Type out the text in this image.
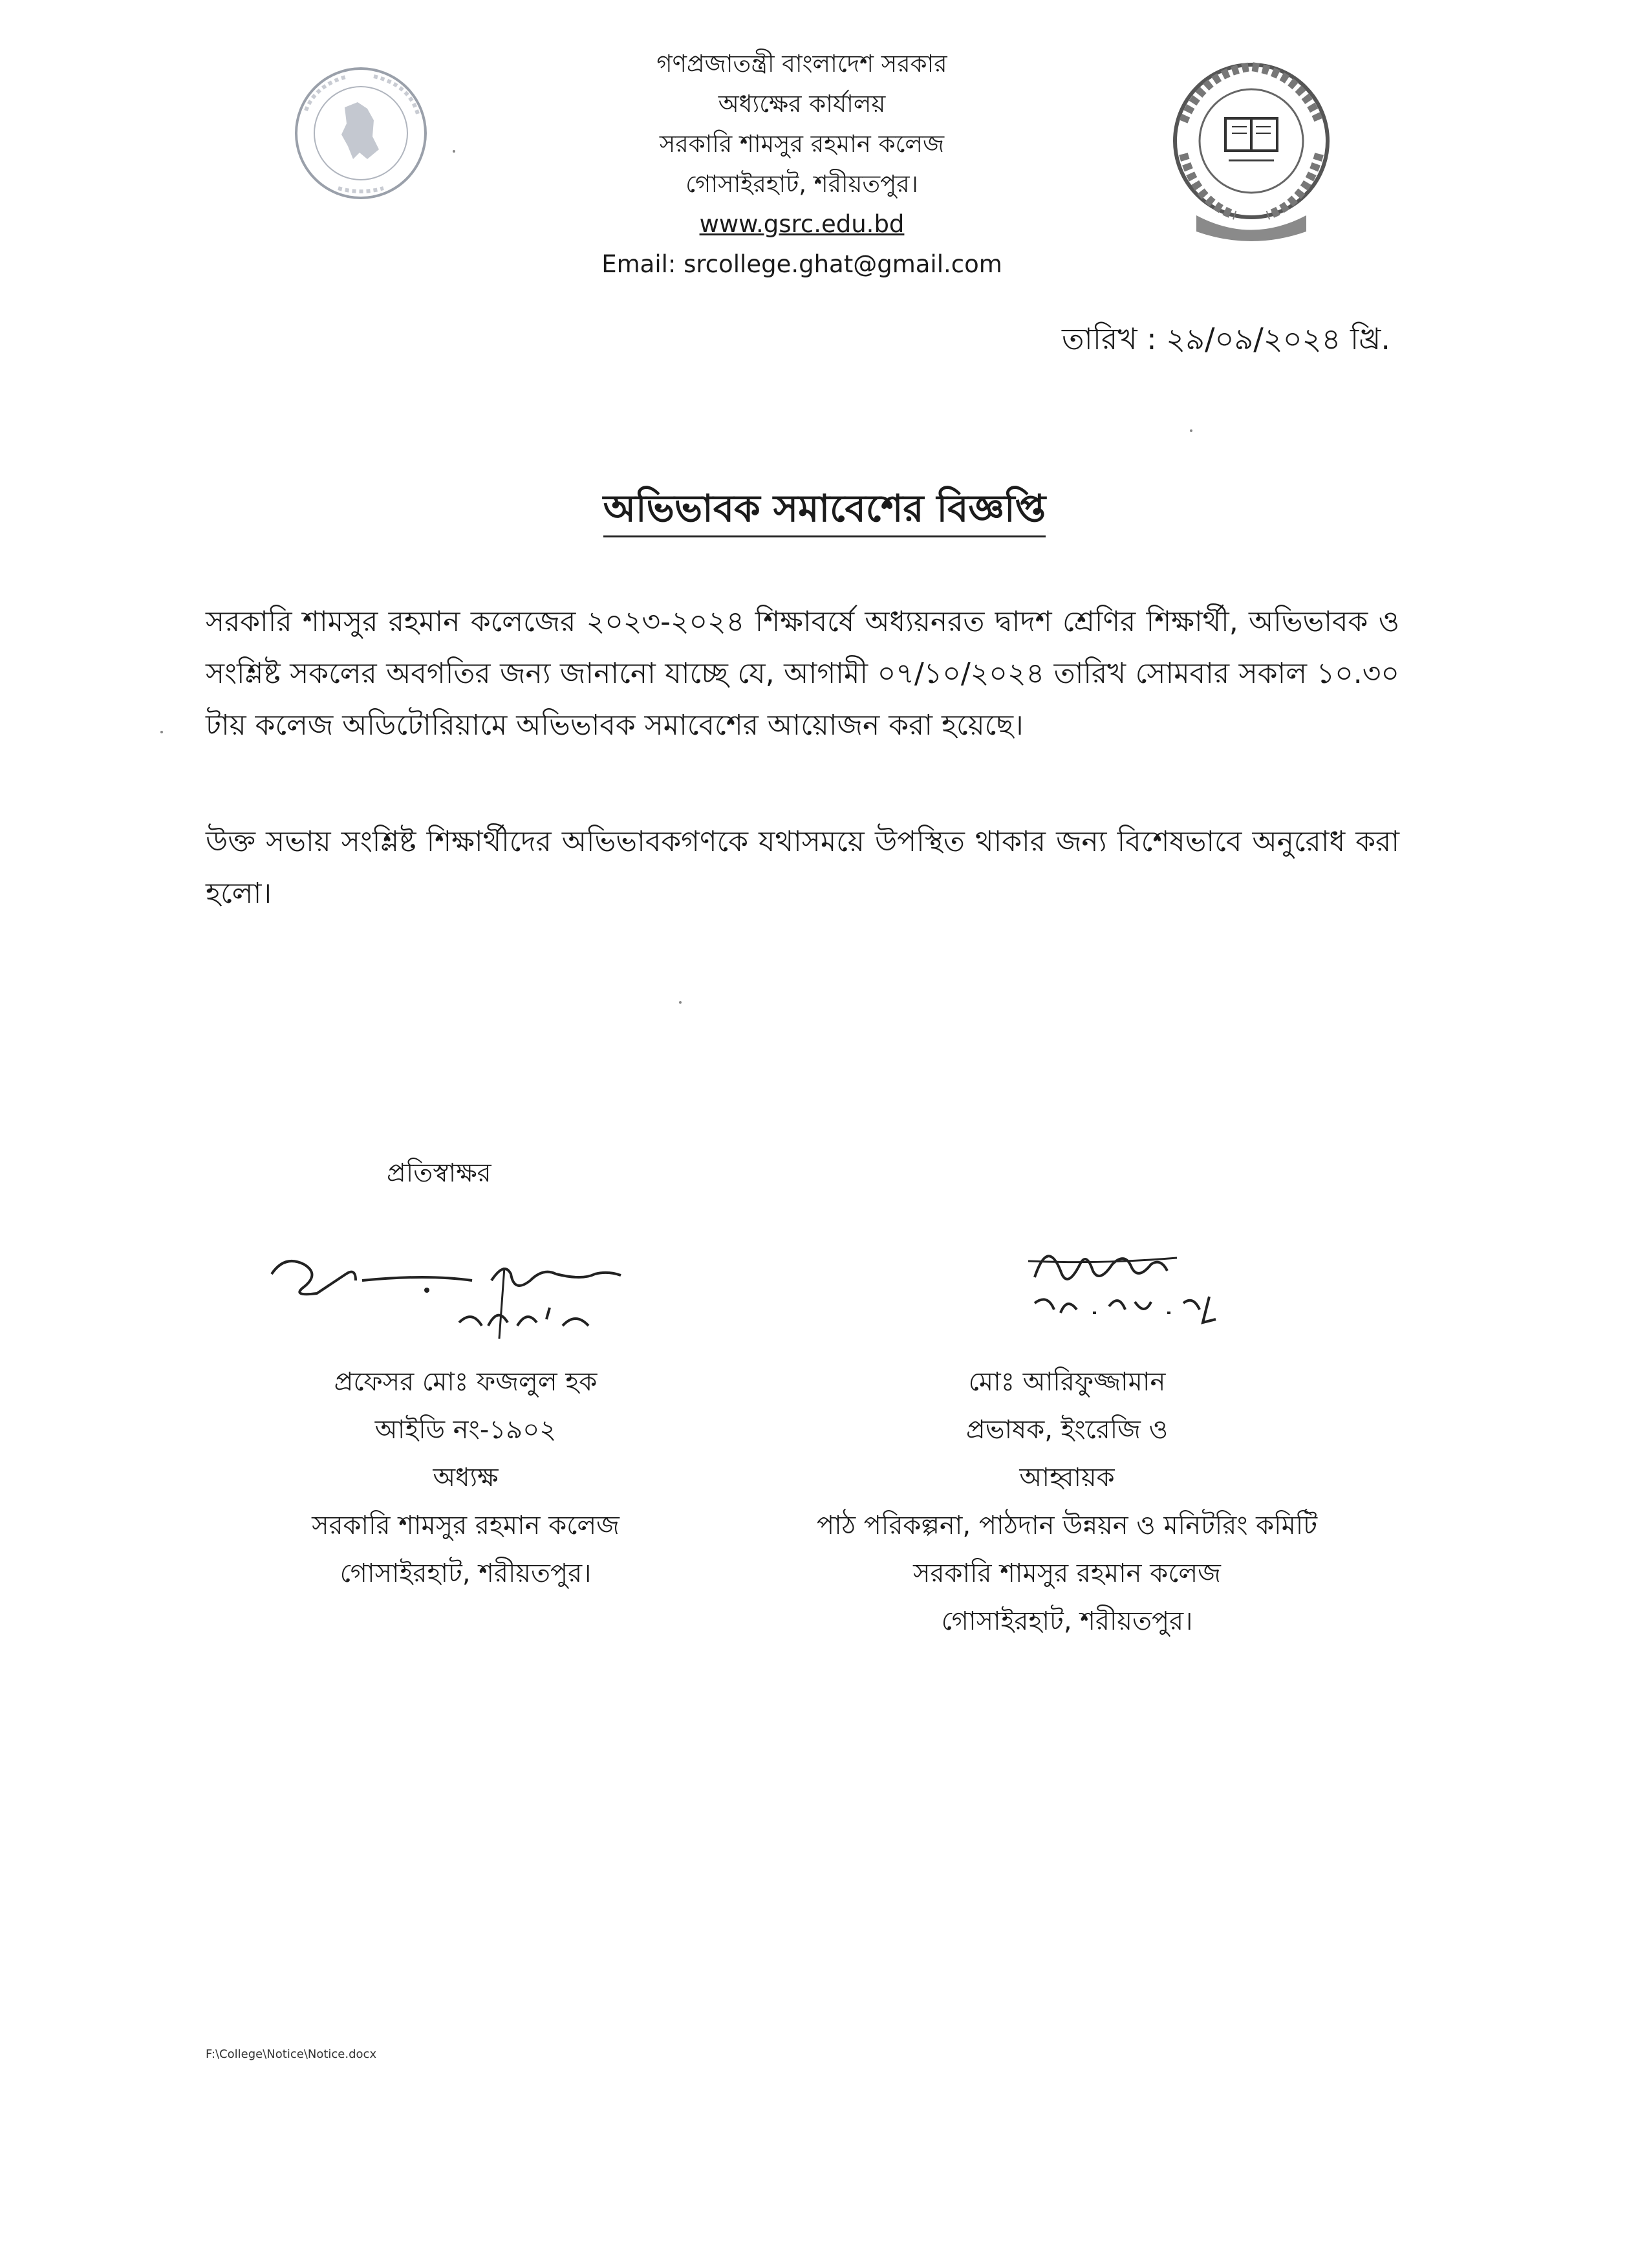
গণপ্রজাতন্ত্রী বাংলাদেশ সরকার
অধ্যক্ষের কার্যালয়
সরকারি শামসুর রহমান কলেজ
গোসাইরহাট, শরীয়তপুর।
www.gsrc.edu.bd
Email: srcollege.ghat@gmail.com
তারিখ : ২৯/০৯/২০২৪ খ্রি.
অভিভাবক সমাবেশের বিজ্ঞপ্তি
সরকারি শামসুর রহমান কলেজের ২০২৩-২০২৪ শিক্ষাবর্ষে অধ্যয়নরত দ্বাদশ শ্রেণির শিক্ষার্থী, অভিভাবক ও সংশ্লিষ্ট সকলের অবগতির জন্য জানানো যাচ্ছে যে, আগামী ০৭/১০/২০২৪ তারিখ সোমবার সকাল ১০.৩০ টায় কলেজ অডিটোরিয়ামে অভিভাবক সমাবেশের আয়োজন করা হয়েছে।
উক্ত সভায় সংশ্লিষ্ট শিক্ষার্থীদের অভিভাবকগণকে যথাসময়ে উপস্থিত থাকার জন্য বিশেষভাবে অনুরোধ করা হলো।
প্রতিস্বাক্ষর
প্রফেসর মোঃ ফজলুল হক
আইডি নং-১৯০২
অধ্যক্ষ
সরকারি শামসুর রহমান কলেজ
গোসাইরহাট, শরীয়তপুর।
মোঃ আরিফুজ্জামান
প্রভাষক, ইংরেজি ও
আহ্বায়ক
পাঠ পরিকল্পনা, পাঠদান উন্নয়ন ও মনিটরিং কমিটি
সরকারি শামসুর রহমান কলেজ
গোসাইরহাট, শরীয়তপুর।
F:\College\Notice\Notice.docx
